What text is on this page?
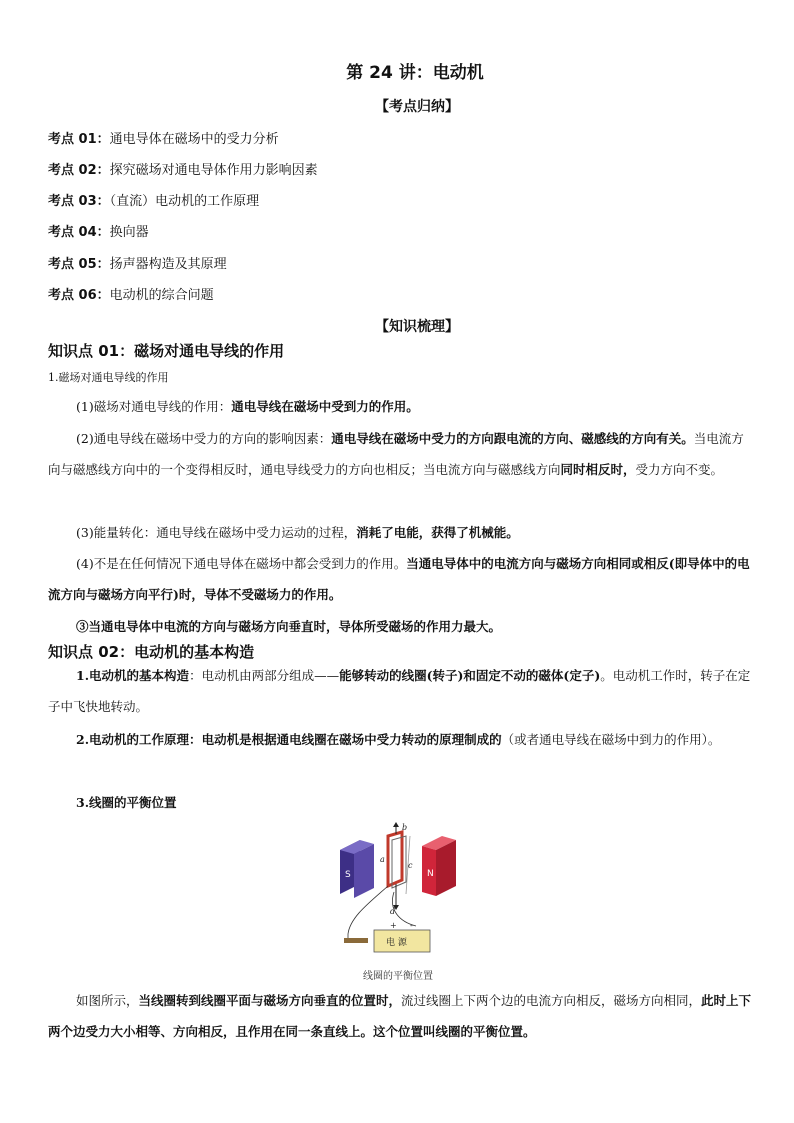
第 24 讲：电动机
【考点归纳】
考点 01：通电导体在磁场中的受力分析
考点 02：探究磁场对通电导体作用力影响因素
考点 03：（直流）电动机的工作原理
考点 04：换向器
考点 05：扬声器构造及其原理
考点 06：电动机的综合问题
【知识梳理】
知识点 01：磁场对通电导线的作用
1.磁场对通电导线的作用
(1)磁场对通电导线的作用：通电导线在磁场中受到力的作用。
(2)通电导线在磁场中受力的方向的影响因素：通电导线在磁场中受力的方向跟电流的方向、磁感线的方向有关。当电流方向与磁感线方向中的一个变得相反时，通电导线受力的方向也相反；当电流方向与磁感线方向同时相反时，受力方向不变。
(3)能量转化：通电导线在磁场中受力运动的过程，消耗了电能，获得了机械能。
(4)不是在任何情况下通电导体在磁场中都会受到力的作用。当通电导体中的电流方向与磁场方向相同或相反(即导体中的电流方向与磁场方向平行)时，导体不受磁场力的作用。
③当通电导体中电流的方向与磁场方向垂直时，导体所受磁场的作用力最大。
知识点 02：电动机的基本构造
1.电动机的基本构造：电动机由两部分组成——能够转动的线圈(转子)和固定不动的磁体(定子)。电动机工作时，转子在定子中飞快地转动。
2.电动机的工作原理：电动机是根据通电线圈在磁场中受力转动的原理制成的（或者通电导线在磁场中到力的作用）。
3.线圈的平衡位置
S	N
a
b
c
d
+ -
电 源
线圈的平衡位置
如图所示，当线圈转到线圈平面与磁场方向垂直的位置时，流过线圈上下两个边的电流方向相反，磁场方向相同，此时上下两个边受力大小相等、方向相反，且作用在同一条直线上。这个位置叫线圈的平衡位置。
